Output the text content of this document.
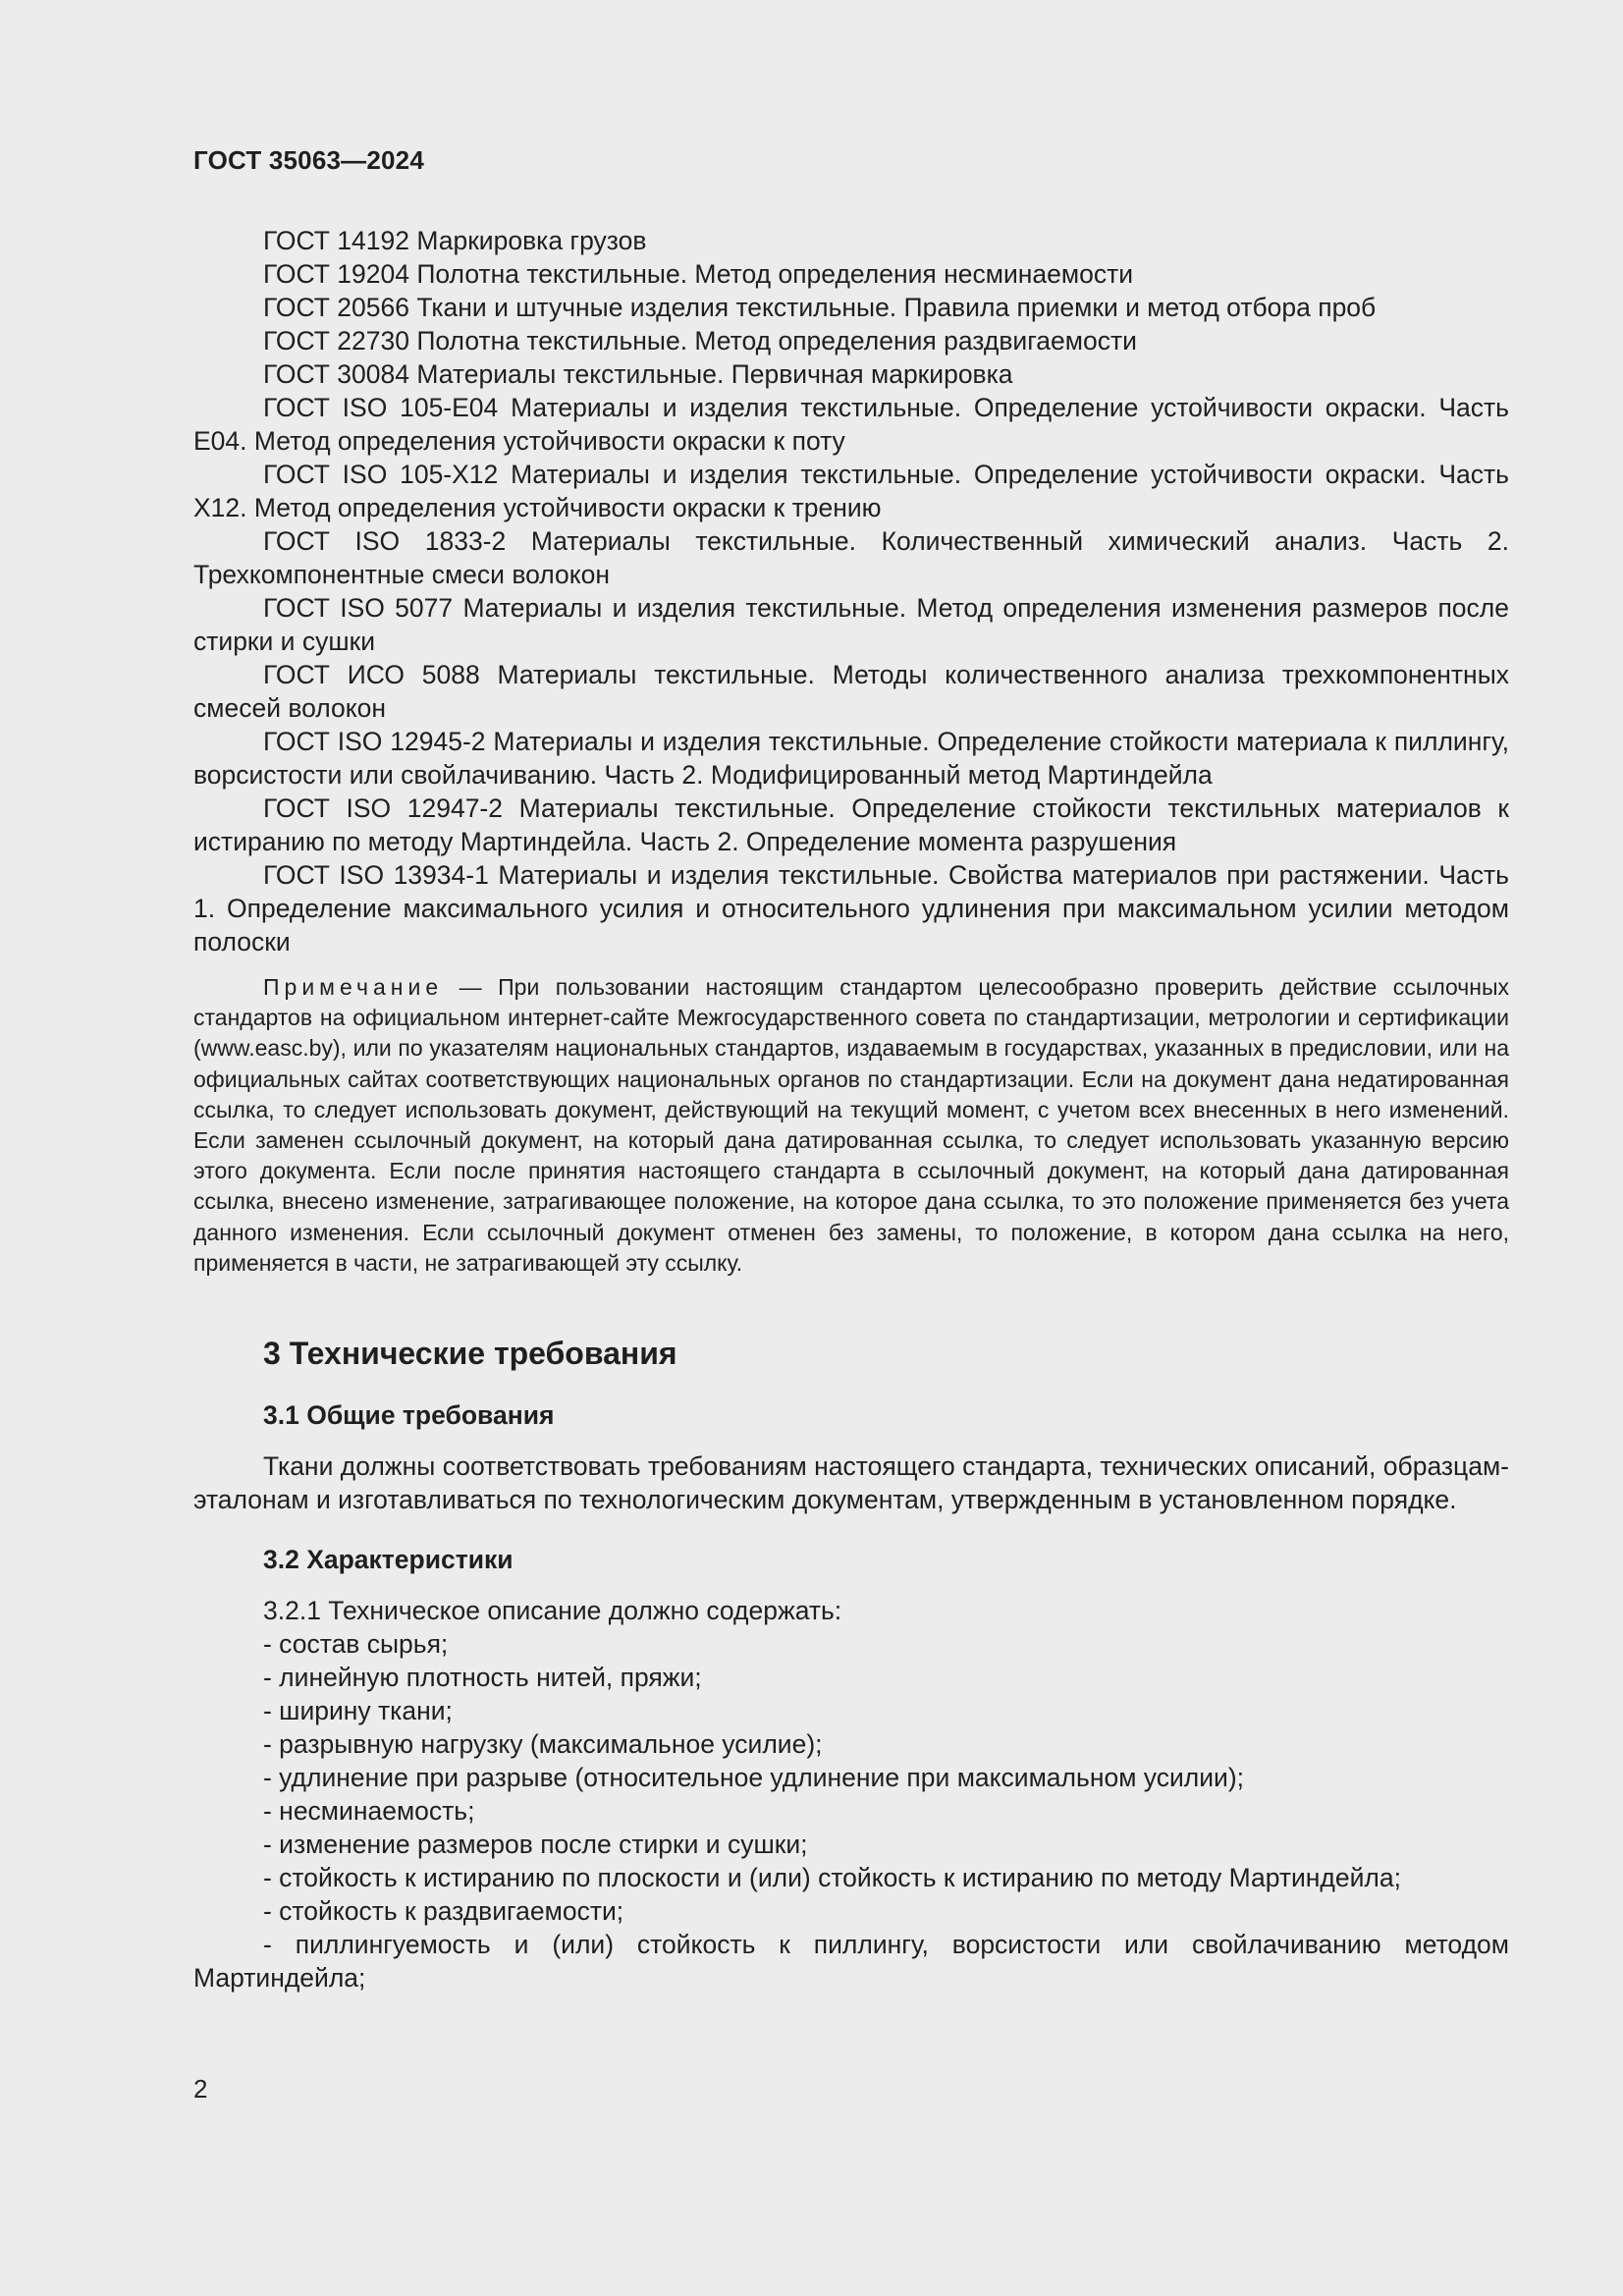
ГОСТ 35063—2024

ГОСТ 14192 Маркировка грузов

ГОСТ 19204 Полотна текстильные. Метод определения несминаемости

ГОСТ 20566 Ткани и штучные изделия текстильные. Правила приемки и метод отбора проб

ГОСТ 22730 Полотна текстильные. Метод определения раздвигаемости

ГОСТ 30084 Материалы текстильные. Первичная маркировка

ГОСТ ISO 105-E04 Материалы и изделия текстильные. Определение устойчивости окраски. Часть E04. Метод определения устойчивости окраски к поту

ГОСТ ISO 105-X12 Материалы и изделия текстильные. Определение устойчивости окраски. Часть X12. Метод определения устойчивости окраски к трению

ГОСТ ISO 1833-2 Материалы текстильные. Количественный химический анализ. Часть 2. Трехкомпонентные смеси волокон

ГОСТ ISO 5077 Материалы и изделия текстильные. Метод определения изменения размеров после стирки и сушки

ГОСТ ИСО 5088 Материалы текстильные. Методы количественного анализа трехкомпонентных смесей волокон

ГОСТ ISO 12945-2 Материалы и изделия текстильные. Определение стойкости материала к пиллингу, ворсистости или свойлачиванию. Часть 2. Модифицированный метод Мартиндейла

ГОСТ ISO 12947-2 Материалы текстильные. Определение стойкости текстильных материалов к истиранию по методу Мартиндейла. Часть 2. Определение момента разрушения

ГОСТ ISO 13934-1 Материалы и изделия текстильные. Свойства материалов при растяжении. Часть 1. Определение максимального усилия и относительного удлинения при максимальном усилии методом полоски

Примечание — При пользовании настоящим стандартом целесообразно проверить действие ссылочных стандартов на официальном интернет-сайте Межгосударственного совета по стандартизации, метрологии и сертификации (www.easc.by), или по указателям национальных стандартов, издаваемым в государствах, указанных в предисловии, или на официальных сайтах соответствующих национальных органов по стандартизации. Если на документ дана недатированная ссылка, то следует использовать документ, действующий на текущий момент, с учетом всех внесенных в него изменений. Если заменен ссылочный документ, на который дана датированная ссылка, то следует использовать указанную версию этого документа. Если после принятия настоящего стандарта в ссылочный документ, на который дана датированная ссылка, внесено изменение, затрагивающее положение, на которое дана ссылка, то это положение применяется без учета данного изменения. Если ссылочный документ отменен без замены, то положение, в котором дана ссылка на него, применяется в части, не затрагивающей эту ссылку.
3 Технические требования
3.1 Общие требования

Ткани должны соответствовать требованиям настоящего стандарта, технических описаний, образцам-эталонам и изготавливаться по технологическим документам, утвержденным в установленном порядке.

3.2 Характеристики
3.2.1 Техническое описание должно содержать:
- состав сырья;
- линейную плотность нитей, пряжи;
- ширину ткани;
- разрывную нагрузку (максимальное усилие);
- удлинение при разрыве (относительное удлинение при максимальном усилии);
- несминаемость;
- изменение размеров после стирки и сушки;
- стойкость к истиранию по плоскости и (или) стойкость к истиранию по методу Мартиндейла;
- стойкость к раздвигаемости;
- пиллингуемость и (или) стойкость к пиллингу, ворсистости или свойлачиванию методом Мартиндейла;
2
